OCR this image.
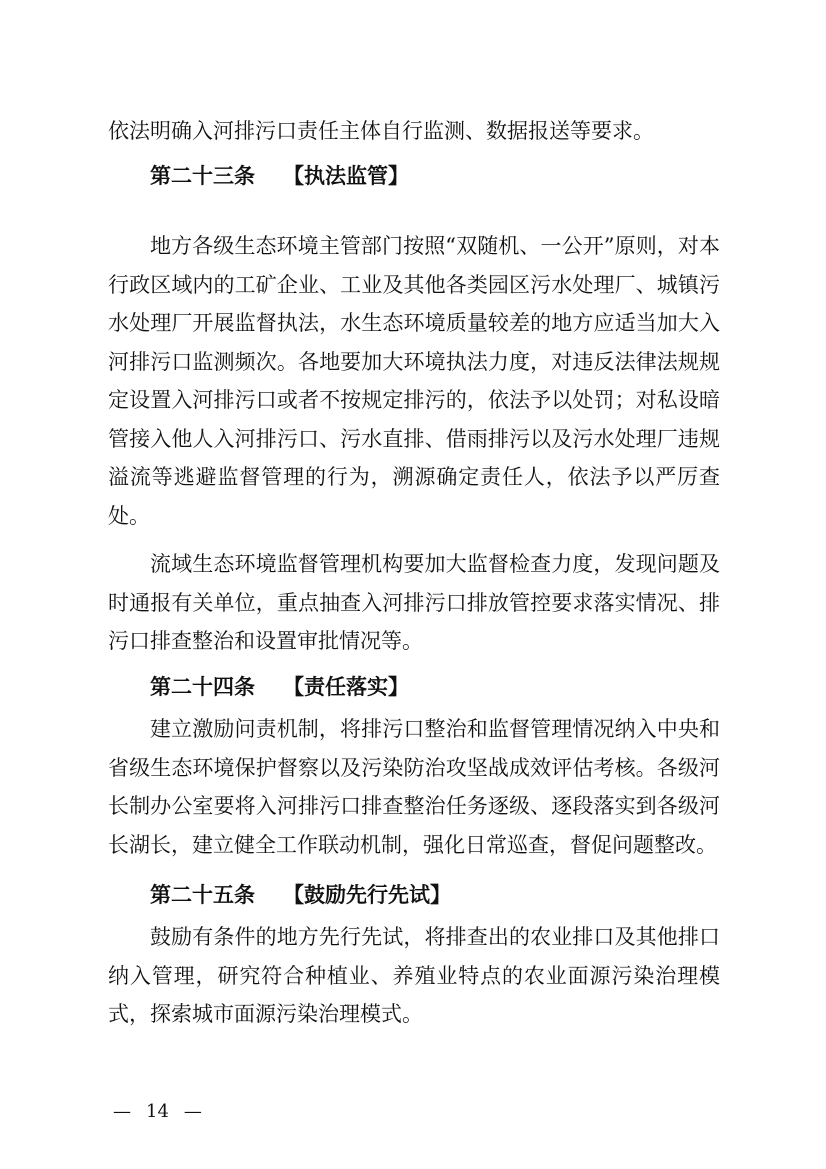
依法明确入河排污口责任主体自行监测、数据报送等要求。

第二十三条 【执法监管】

地方各级生态环境主管部门按照“双随机、一公开”原则，对本行政区域内的工矿企业、工业及其他各类园区污水处理厂、城镇污水处理厂开展监督执法，水生态环境质量较差的地方应适当加大入河排污口监测频次。各地要加大环境执法力度，对违反法律法规规定设置入河排污口或者不按规定排污的，依法予以处罚；对私设暗管接入他人入河排污口、污水直排、借雨排污以及污水处理厂违规溢流等逃避监督管理的行为，溯源确定责任人，依法予以严厉查处。

流域生态环境监督管理机构要加大监督检查力度，发现问题及时通报有关单位，重点抽查入河排污口排放管控要求落实情况、排污口排查整治和设置审批情况等。

第二十四条 【责任落实】

建立激励问责机制，将排污口整治和监督管理情况纳入中央和省级生态环境保护督察以及污染防治攻坚战成效评估考核。各级河长制办公室要将入河排污口排查整治任务逐级、逐段落实到各级河长湖长，建立健全工作联动机制，强化日常巡查，督促问题整改。

第二十五条 【鼓励先行先试】

鼓励有条件的地方先行先试，将排查出的农业排口及其他排口纳入管理，研究符合种植业、养殖业特点的农业面源污染治理模式，探索城市面源污染治理模式。

— 14 —
